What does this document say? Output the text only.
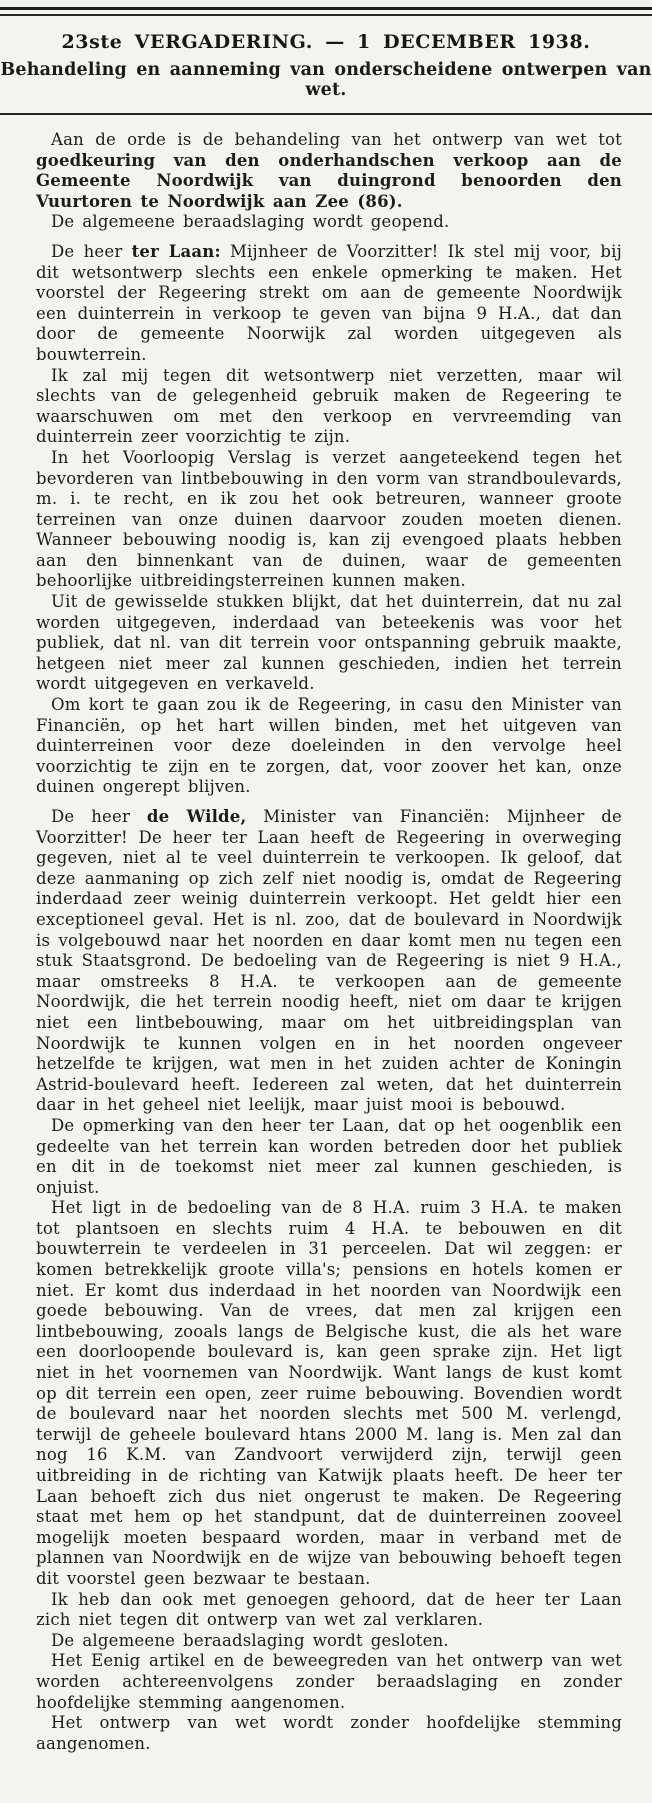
23ste VERGADERING. — 1 DECEMBER 1938.
Behandeling en aanneming van onderscheidene ontwerpen van wet.

Aan de orde is de behandeling van het ontwerp van wet tot goedkeuring van den onderhandschen verkoop aan de Gemeente Noordwijk van duingrond benoorden den Vuurtoren te Noordwijk aan Zee (86).

De algemeene beraadslaging wordt geopend.

De heer ter Laan: Mijnheer de Voorzitter! Ik stel mij voor, bij dit wetsontwerp slechts een enkele opmerking te maken. Het voorstel der Regeering strekt om aan de gemeente Noordwijk een duinterrein in verkoop te geven van bijna 9 H.A., dat dan door de gemeente Noorwijk zal worden uitgegeven als bouwterrein.

Ik zal mij tegen dit wetsontwerp niet verzetten, maar wil slechts van de gelegenheid gebruik maken de Regeering te waarschuwen om met den verkoop en vervreemding van duinterrein zeer voorzichtig te zijn.

In het Voorloopig Verslag is verzet aangeteekend tegen het bevorderen van lintbebouwing in den vorm van strandboulevards, m. i. te recht, en ik zou het ook betreuren, wanneer groote terreinen van onze duinen daarvoor zouden moeten dienen. Wanneer bebouwing noodig is, kan zij evengoed plaats hebben aan den binnenkant van de duinen, waar de gemeenten behoorlijke uitbreidingsterreinen kunnen maken.

Uit de gewisselde stukken blijkt, dat het duinterrein, dat nu zal worden uitgegeven, inderdaad van beteekenis was voor het publiek, dat nl. van dit terrein voor ontspanning gebruik maakte, hetgeen niet meer zal kunnen geschieden, indien het terrein wordt uitgegeven en verkaveld.

Om kort te gaan zou ik de Regeering, in casu den Minister van Financiën, op het hart willen binden, met het uitgeven van duinterreinen voor deze doeleinden in den vervolge heel voorzichtig te zijn en te zorgen, dat, voor zoover het kan, onze duinen ongerept blijven.

De heer de Wilde, Minister van Financiën: Mijnheer de Voorzitter! De heer ter Laan heeft de Regeering in overweging gegeven, niet al te veel duinterrein te verkoopen. Ik geloof, dat deze aanmaning op zich zelf niet noodig is, omdat de Regeering inderdaad zeer weinig duinterrein verkoopt. Het geldt hier een exceptioneel geval. Het is nl. zoo, dat de boulevard in Noordwijk is volgebouwd naar het noorden en daar komt men nu tegen een stuk Staatsgrond. De bedoeling van de Regeering is niet 9 H.A., maar omstreeks 8 H.A. te verkoopen aan de gemeente Noordwijk, die het terrein noodig heeft, niet om daar te krijgen niet een lintbebouwing, maar om het uitbreidingsplan van Noordwijk te kunnen volgen en in het noorden ongeveer hetzelfde te krijgen, wat men in het zuiden achter de Koningin Astrid-boulevard heeft. Iedereen zal weten, dat het duinterrein daar in het geheel niet leelijk, maar juist mooi is bebouwd.

De opmerking van den heer ter Laan, dat op het oogenblik een gedeelte van het terrein kan worden betreden door het publiek en dit in de toekomst niet meer zal kunnen geschieden, is onjuist.

Het ligt in de bedoeling van de 8 H.A. ruim 3 H.A. te maken tot plantsoen en slechts ruim 4 H.A. te bebouwen en dit bouwterrein te verdeelen in 31 perceelen. Dat wil zeggen: er komen betrekkelijk groote villa's; pensions en hotels komen er niet. Er komt dus inderdaad in het noorden van Noordwijk een goede bebouwing. Van de vrees, dat men zal krijgen een lintbebouwing, zooals langs de Belgische kust, die als het ware een doorloopende boulevard is, kan geen sprake zijn. Het ligt niet in het voornemen van Noordwijk. Want langs de kust komt op dit terrein een open, zeer ruime bebouwing. Bovendien wordt de boulevard naar het noorden slechts met 500 M. verlengd, terwijl de geheele boulevard htans 2000 M. lang is. Men zal dan nog 16 K.M. van Zandvoort verwijderd zijn, terwijl geen uitbreiding in de richting van Katwijk plaats heeft. De heer ter Laan behoeft zich dus niet ongerust te maken. De Regeering staat met hem op het standpunt, dat de duinterreinen zooveel mogelijk moeten bespaard worden, maar in verband met de plannen van Noordwijk en de wijze van bebouwing behoeft tegen dit voorstel geen bezwaar te bestaan.

Ik heb dan ook met genoegen gehoord, dat de heer ter Laan zich niet tegen dit ontwerp van wet zal verklaren.

De algemeene beraadslaging wordt gesloten.

Het Eenig artikel en de beweegreden van het ontwerp van wet worden achtereenvolgens zonder beraadslaging en zonder hoofdelijke stemming aangenomen.

Het ontwerp van wet wordt zonder hoofdelijke stemming aangenomen.
